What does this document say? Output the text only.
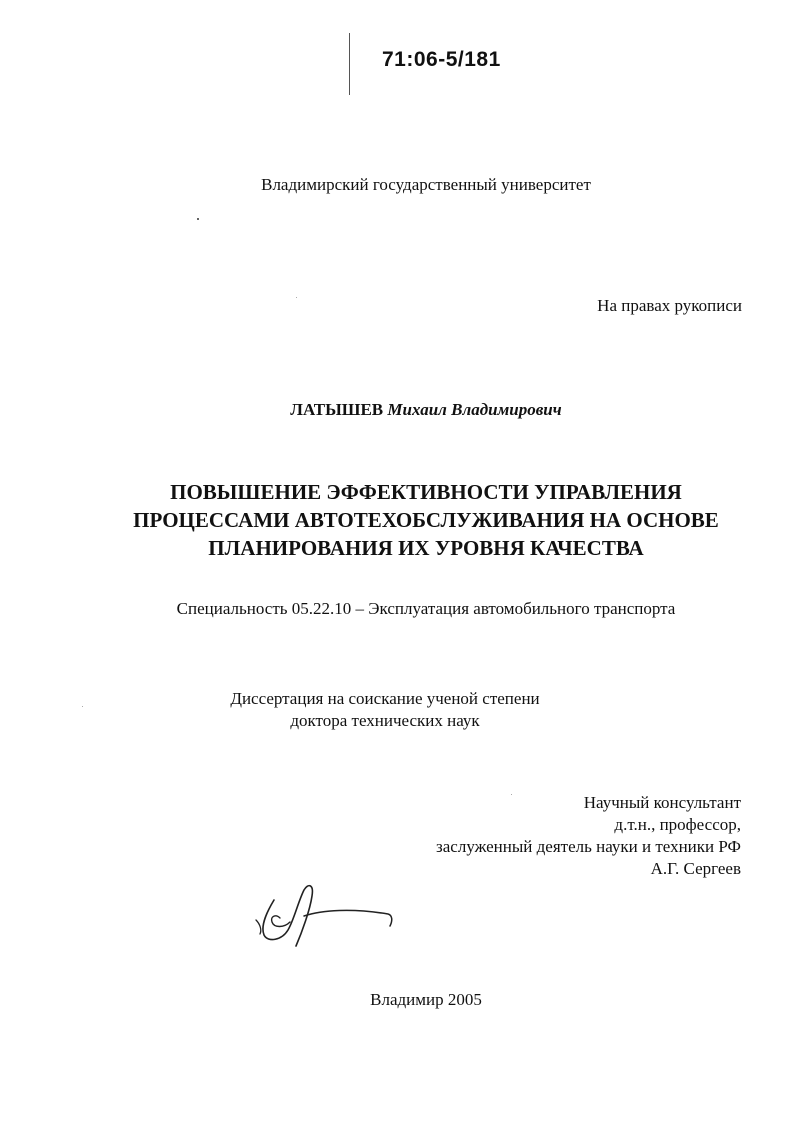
71:06-5/181
Владимирский государственный университет
На правах рукописи
ЛАТЫШЕВ Михаил Владимирович
ПОВЫШЕНИЕ ЭФФЕКТИВНОСТИ УПРАВЛЕНИЯ
ПРОЦЕССАМИ АВТОТЕХОБСЛУЖИВАНИЯ НА ОСНОВЕ
ПЛАНИРОВАНИЯ ИХ УРОВНЯ КАЧЕСТВА
Специальность 05.22.10 – Эксплуатация автомобильного транспорта
Диссертация на соискание ученой степени
доктора технических наук
Научный консультант
д.т.н., профессор,
заслуженный деятель науки и техники РФ
А.Г. Сергеев
Владимир 2005
